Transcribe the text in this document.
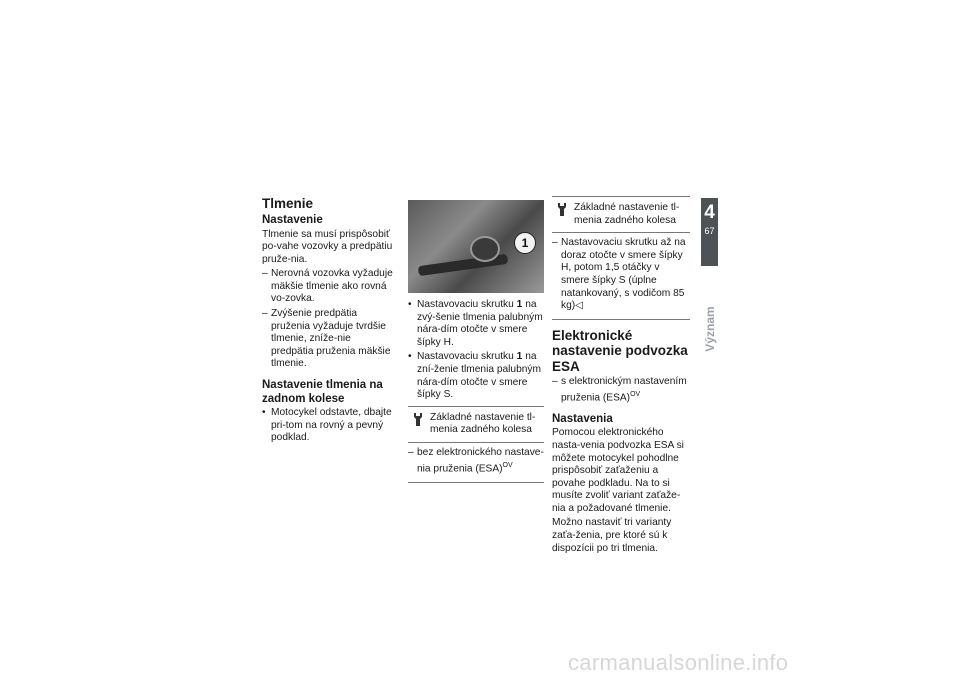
Tlmenie
Nastavenie

Tlmenie sa musí prispôsobiť po-vahe vozovky a predpätiu pruže-nia.

– Nerovná vozovka vyžaduje mäkšie tlmenie ako rovná vo-zovka.
– Zvýšenie predpätia pruženia vyžaduje tvrdšie tlmenie, zníže-nie predpätia pruženia mäkšie tlmenie.
Nastavenie tlmenia na zadnom kolese
• Motocykel odstavte, dbajte pri-tom na rovný a pevný podklad.
1
• Nastavovaciu skrutku 1 na zvý-šenie tlmenia palubným nára-dím otočte v smere šípky H.
• Nastavovaciu skrutku 1 na zní-ženie tlmenia palubným nára-dím otočte v smere šípky S.
Základné nastavenie tl-menia zadného kolesa
– bez elektronického nastave-nia pruženia (ESA)$^{OV}$
Základné nastavenie tl-menia zadného kolesa
– Nastavovaciu skrutku až na doraz otočte v smere šípky H, potom 1,5 otáčky v smere šípky S (úplne natankovaný, s vodičom 85 kg)◁
Elektronické nastavenie podvozka ESA
– s elektronickým nastavením pruženia (ESA)$^{OV}$
Nastavenia

Pomocou elektronického nasta-venia podvozka ESA si môžete motocykel pohodlne prispôsobiť zaťaženiu a povahe podkladu. Na to si musíte zvoliť variant zaťaže-nia a požadované tlmenie.

Možno nastaviť tri varianty zaťa-ženia, pre ktoré sú k dispozícii po tri tlmenia.

4
67
Význam
carmanualsonline.info
